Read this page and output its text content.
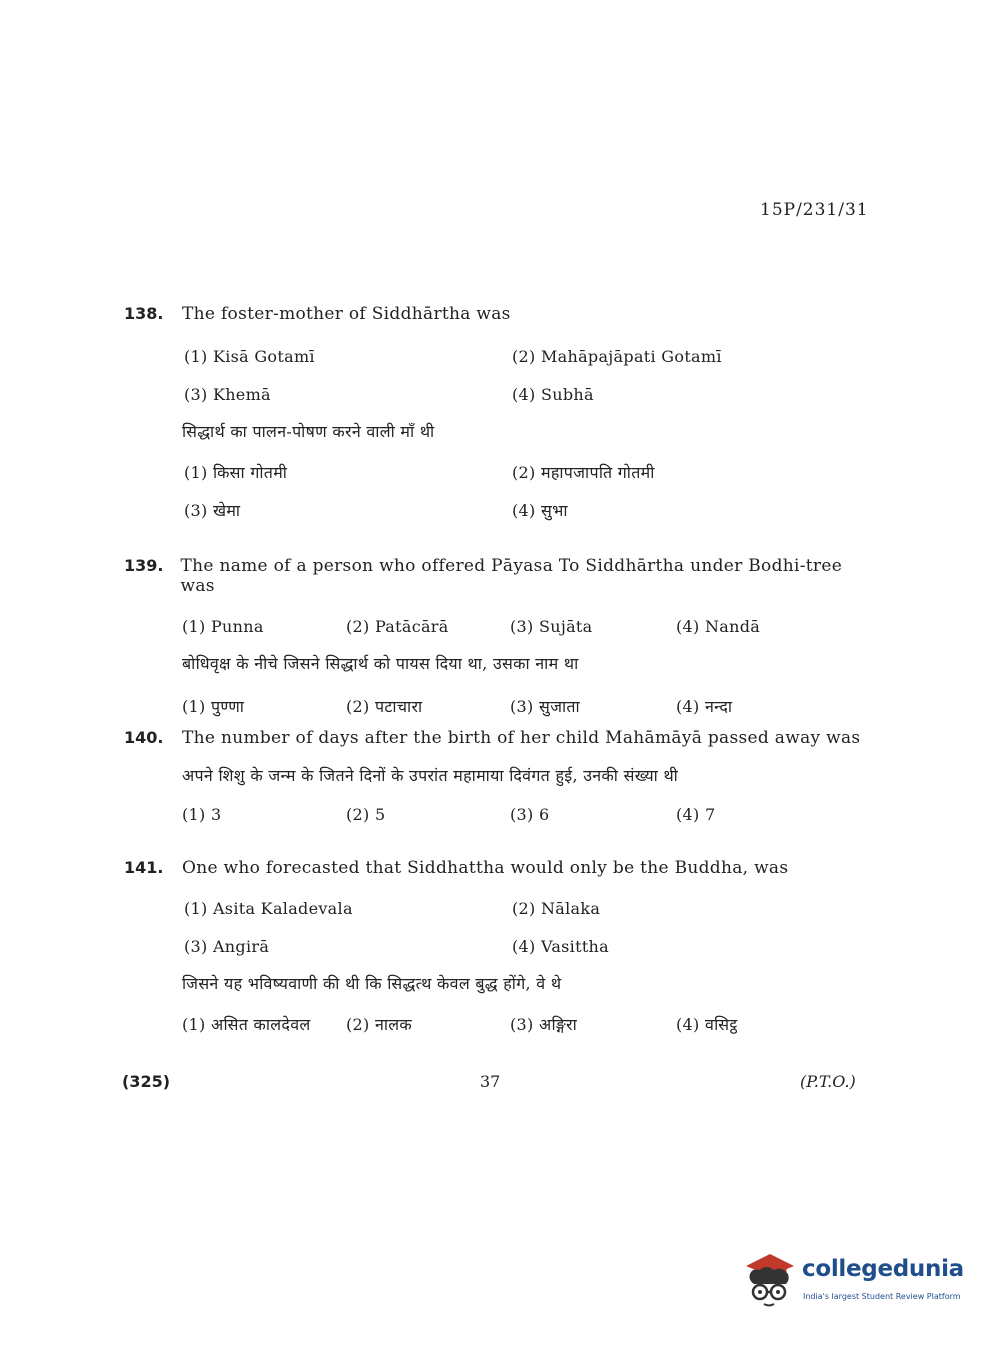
15P/231/31
138.	The foster-mother of Siddhārtha was
(1) Kisā Gotamī	(2) Mahāpajāpati Gotamī
(3) Khemā	(4) Subhā
सिद्धार्थ का पालन-पोषण करने वाली माँ थी
(1) किसा गोतमी	(2) महापजापति गोतमी
(3) खेमा	(4) सुभा
139.	The name of a person who offered Pāyasa To Siddhārtha under Bodhi-tree was
(1) Punna	(2) Patācārā	(3) Sujāta	(4) Nandā
बोधिवृक्ष के नीचे जिसने सिद्धार्थ को पायस दिया था, उसका नाम था
(1) पुण्णा	(2) पटाचारा	(3) सुजाता	(4) नन्दा
140.	The number of days after the birth of her child Mahāmāyā passed away was
अपने शिशु के जन्म के जितने दिनों के उपरांत महामाया दिवंगत हुई, उनकी संख्या थी
(1) 3	(2) 5	(3) 6	(4) 7
141.	One who forecasted that Siddhattha would only be the Buddha, was
(1) Asita Kaladevala	(2) Nālaka
(3) Angirā	(4) Vasittha
जिसने यह भविष्यवाणी की थी कि सिद्धत्थ केवल बुद्ध होंगे, वे थे
(1) असित कालदेवल	(2) नालक	(3) अङ्गिरा	(4) वसिट्ठ
(325)	37	(P.T.O.)
collegedunia
India's largest Student Review Platform
